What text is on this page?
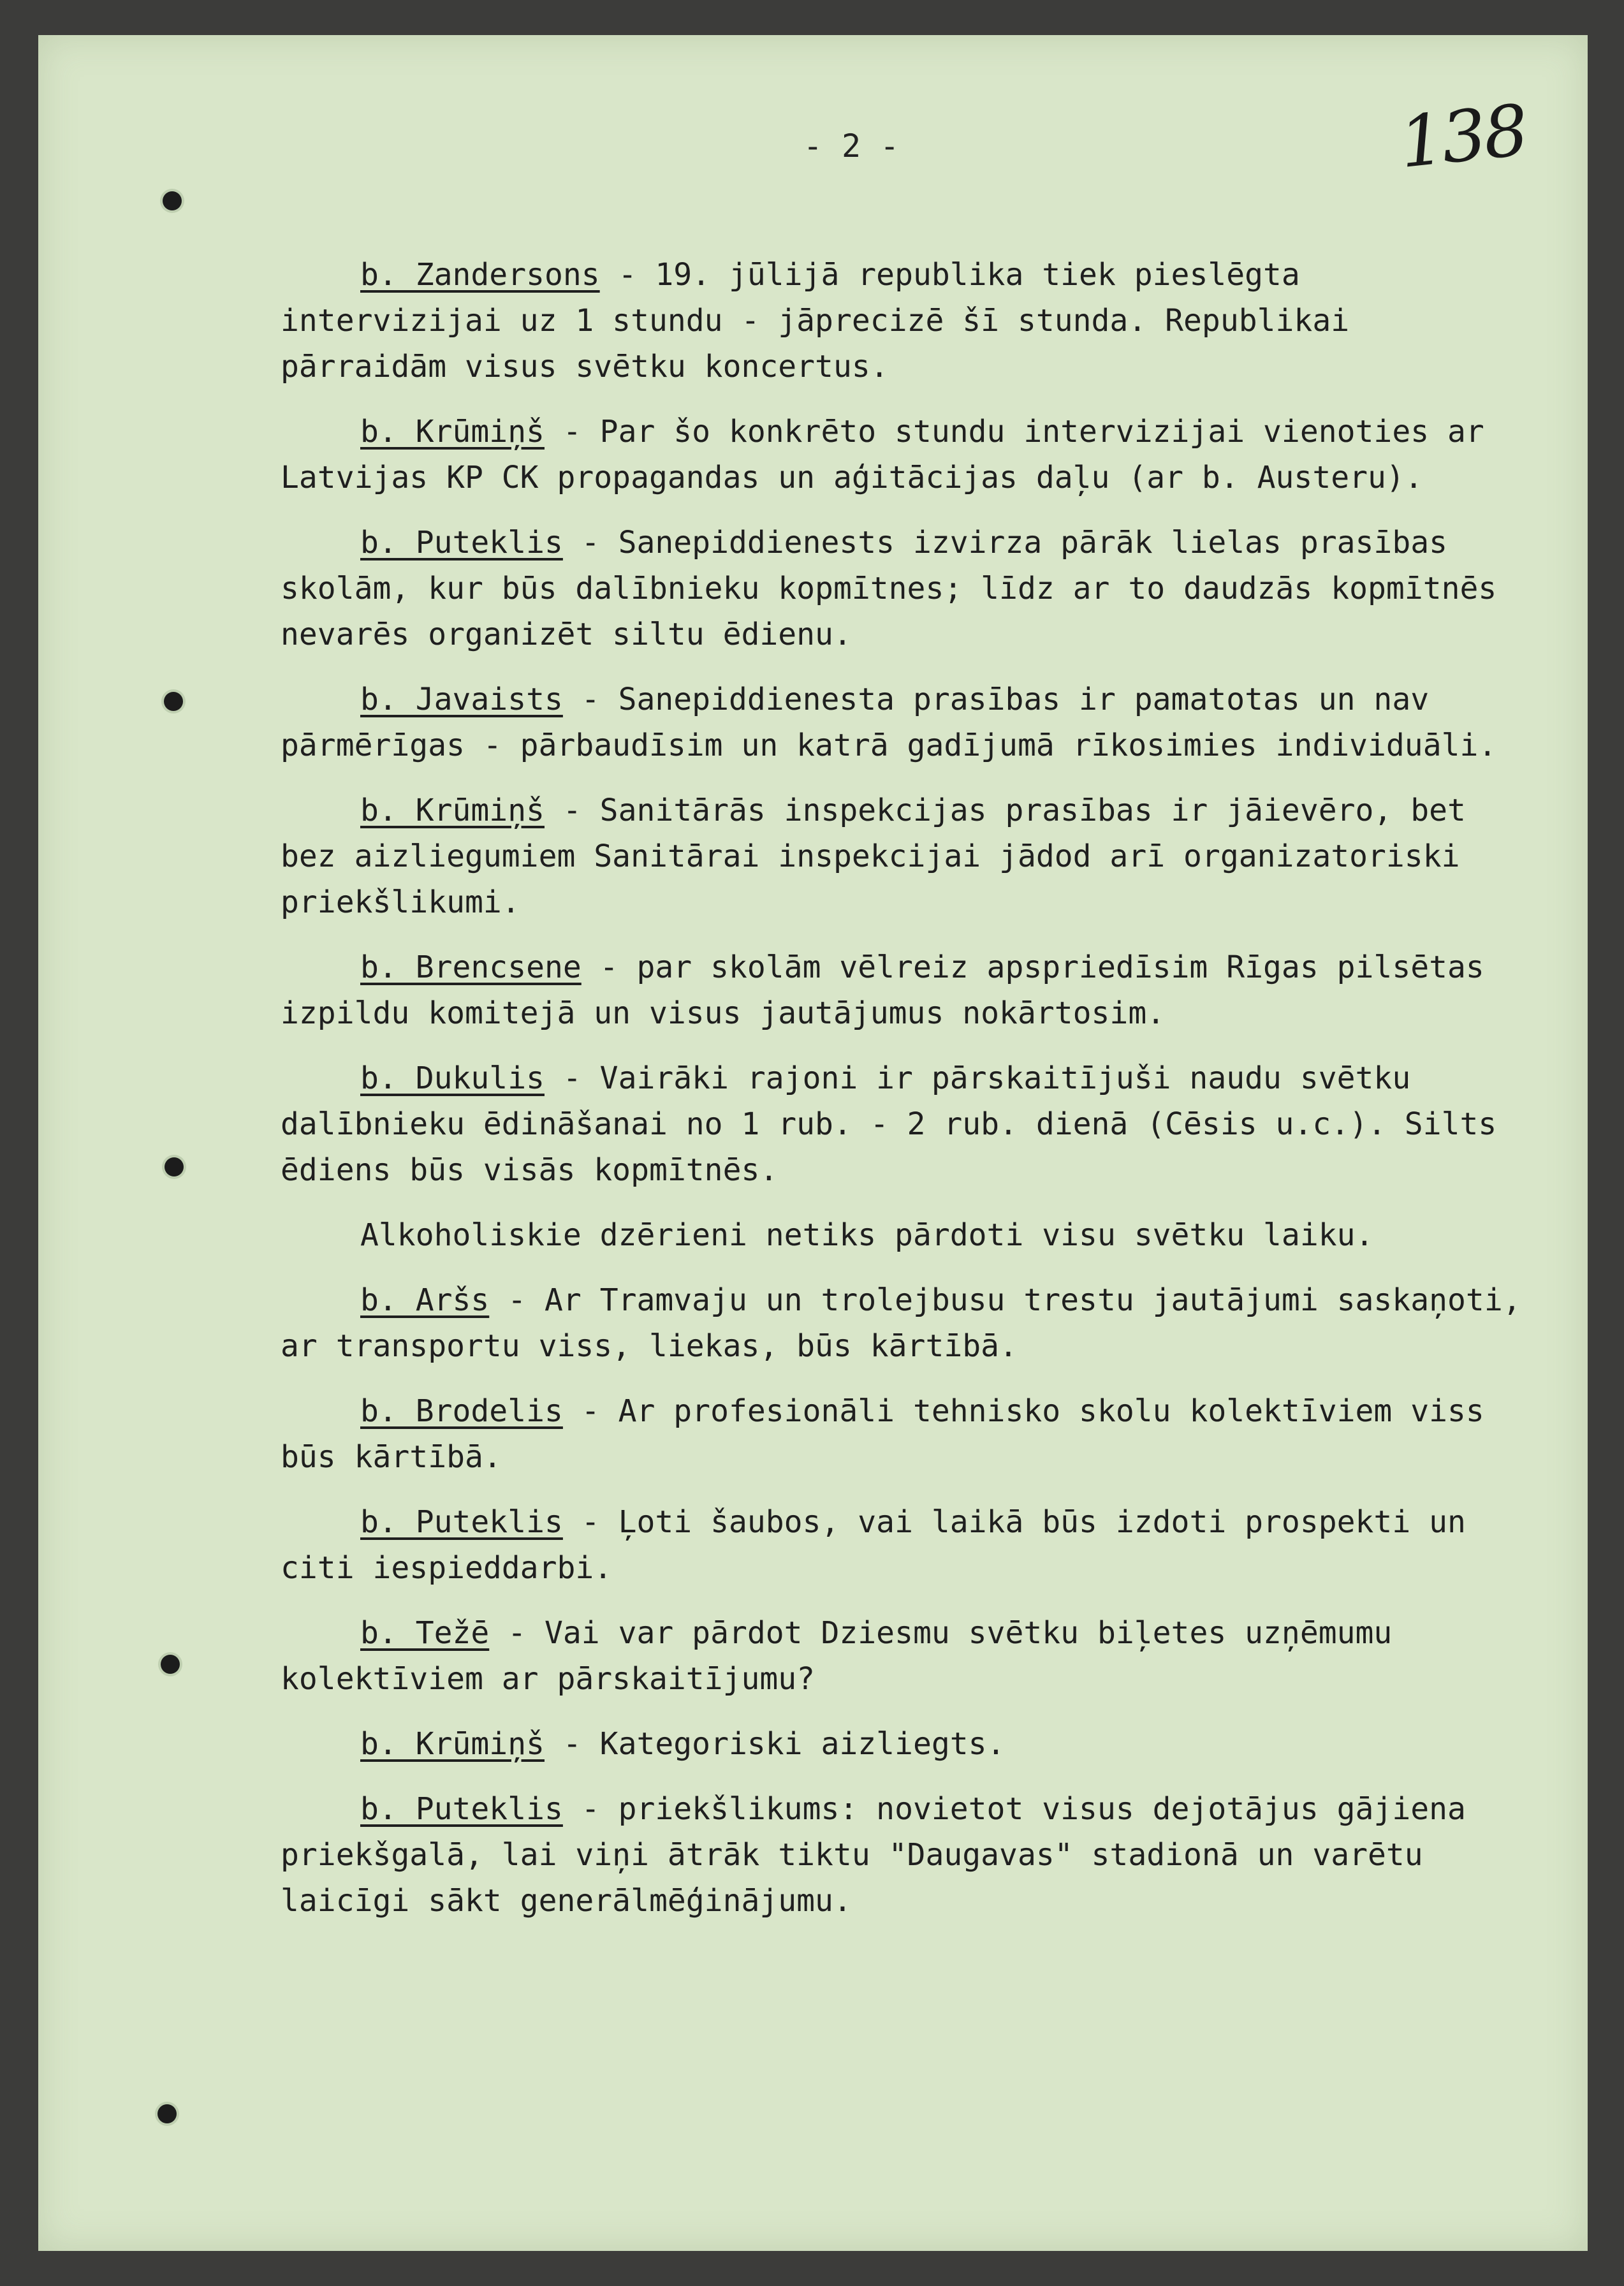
- 2 -	138

b. Zandersons - 19. jūlijā republika tiek pieslēgta intervizijai uz 1 stundu - jāprecizē šī stunda. Republikai pārraidām visus svētku koncertus.

b. Krūmiņš - Par šo konkrēto stundu intervizijai vienoties ar Latvijas KP CK propagandas un aģitācijas daļu (ar b. Austeru).

b. Puteklis - Sanepiddienests izvirza pārāk lielas prasības skolām, kur būs dalībnieku kopmītnes; līdz ar to daudzās kopmītnēs nevarēs organizēt siltu ēdienu.

b. Javaists - Sanepiddienesta prasības ir pamatotas un nav pārmērīgas - pārbaudīsim un katrā gadījumā rīkosimies individuāli.

b. Krūmiņš - Sanitārās inspekcijas prasības ir jāievēro, bet bez aizliegumiem Sanitārai inspekcijai jādod arī organizatoriski priekšlikumi.

b. Brencsene - par skolām vēlreiz apspriedīsim Rīgas pilsētas izpildu komitejā un visus jautājumus nokārtosim.

b. Dukulis - Vairāki rajoni ir pārskaitījuši naudu svētku dalībnieku ēdināšanai no 1 rub. - 2 rub. dienā (Cēsis u.c.). Silts ēdiens būs visās kopmītnēs.

Alkoholiskie dzērieni netiks pārdoti visu svētku laiku.

b. Aršs - Ar Tramvaju un trolejbusu trestu jautājumi saskaņoti, ar transportu viss, liekas, būs kārtībā.

b. Brodelis - Ar profesionāli tehnisko skolu kolektīviem viss būs kārtībā.

b. Puteklis - Ļoti šaubos, vai laikā būs izdoti prospekti un citi iespieddarbi.

b. Težē - Vai var pārdot Dziesmu svētku biļetes uzņēmumu kolektīviem ar pārskaitījumu?

b. Krūmiņš - Kategoriski aizliegts.

b. Puteklis - priekšlikums: novietot visus dejotājus gājiena priekšgalā, lai viņi ātrāk tiktu "Daugavas" stadionā un varētu laicīgi sākt generālmēģinājumu.
